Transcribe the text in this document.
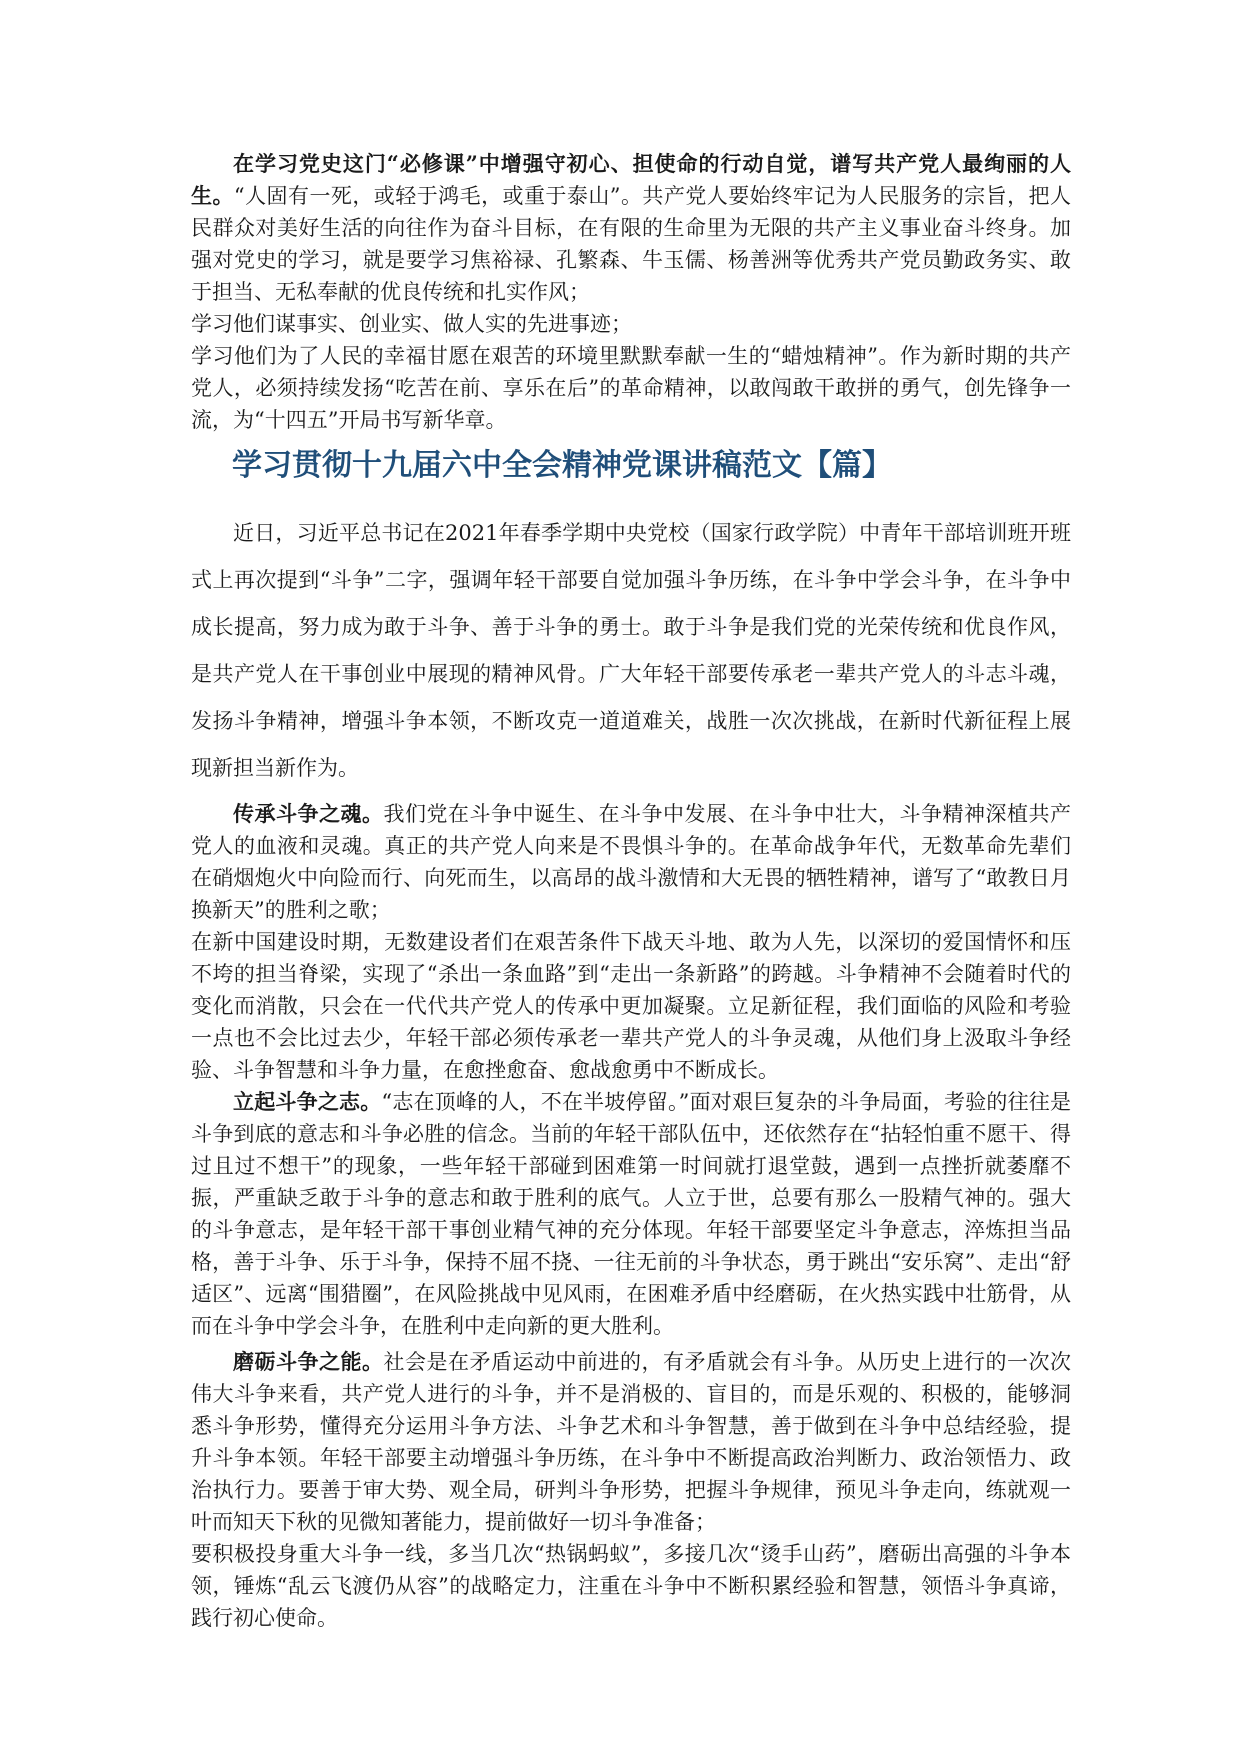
在学习党史这门“必修课”中增强守初心、担使命的行动自觉，谱写共产党人最绚丽的人生。“人固有一死，或轻于鸿毛，或重于泰山”。共产党人要始终牢记为人民服务的宗旨，把人民群众对美好生活的向往作为奋斗目标，在有限的生命里为无限的共产主义事业奋斗终身。加强对党史的学习，就是要学习焦裕禄、孔繁森、牛玉儒、杨善洲等优秀共产党员勤政务实、敢于担当、无私奉献的优良传统和扎实作风；

学习他们谋事实、创业实、做人实的先进事迹；

学习他们为了人民的幸福甘愿在艰苦的环境里默默奉献一生的“蜡烛精神”。作为新时期的共产党人，必须持续发扬“吃苦在前、享乐在后”的革命精神，以敢闯敢干敢拼的勇气，创先锋争一流，为“十四五”开局书写新华章。

学习贯彻十九届六中全会精神党课讲稿范文【篇】

近日，习近平总书记在2021年春季学期中央党校（国家行政学院）中青年干部培训班开班式上再次提到“斗争”二字，强调年轻干部要自觉加强斗争历练，在斗争中学会斗争，在斗争中成长提高，努力成为敢于斗争、善于斗争的勇士。敢于斗争是我们党的光荣传统和优良作风，是共产党人在干事创业中展现的精神风骨。广大年轻干部要传承老一辈共产党人的斗志斗魂，发扬斗争精神，增强斗争本领，不断攻克一道道难关，战胜一次次挑战，在新时代新征程上展现新担当新作为。

传承斗争之魂。我们党在斗争中诞生、在斗争中发展、在斗争中壮大，斗争精神深植共产党人的血液和灵魂。真正的共产党人向来是不畏惧斗争的。在革命战争年代，无数革命先辈们在硝烟炮火中向险而行、向死而生，以高昂的战斗激情和大无畏的牺牲精神，谱写了“敢教日月换新天”的胜利之歌；

在新中国建设时期，无数建设者们在艰苦条件下战天斗地、敢为人先，以深切的爱国情怀和压不垮的担当脊梁，实现了“杀出一条血路”到“走出一条新路”的跨越。斗争精神不会随着时代的变化而消散，只会在一代代共产党人的传承中更加凝聚。立足新征程，我们面临的风险和考验一点也不会比过去少，年轻干部必须传承老一辈共产党人的斗争灵魂，从他们身上汲取斗争经验、斗争智慧和斗争力量，在愈挫愈奋、愈战愈勇中不断成长。

立起斗争之志。“志在顶峰的人，不在半坡停留。”面对艰巨复杂的斗争局面，考验的往往是斗争到底的意志和斗争必胜的信念。当前的年轻干部队伍中，还依然存在“拈轻怕重不愿干、得过且过不想干”的现象，一些年轻干部碰到困难第一时间就打退堂鼓，遇到一点挫折就萎靡不振，严重缺乏敢于斗争的意志和敢于胜利的底气。人立于世，总要有那么一股精气神的。强大的斗争意志，是年轻干部干事创业精气神的充分体现。年轻干部要坚定斗争意志，淬炼担当品格，善于斗争、乐于斗争，保持不屈不挠、一往无前的斗争状态，勇于跳出“安乐窝”、走出“舒适区”、远离“围猎圈”，在风险挑战中见风雨，在困难矛盾中经磨砺，在火热实践中壮筋骨，从而在斗争中学会斗争，在胜利中走向新的更大胜利。

磨砺斗争之能。社会是在矛盾运动中前进的，有矛盾就会有斗争。从历史上进行的一次次伟大斗争来看，共产党人进行的斗争，并不是消极的、盲目的，而是乐观的、积极的，能够洞悉斗争形势，懂得充分运用斗争方法、斗争艺术和斗争智慧，善于做到在斗争中总结经验，提升斗争本领。年轻干部要主动增强斗争历练，在斗争中不断提高政治判断力、政治领悟力、政治执行力。要善于审大势、观全局，研判斗争形势，把握斗争规律，预见斗争走向，练就观一叶而知天下秋的见微知著能力，提前做好一切斗争准备；

要积极投身重大斗争一线，多当几次“热锅蚂蚁”，多接几次“烫手山药”，磨砺出高强的斗争本领，锤炼“乱云飞渡仍从容”的战略定力，注重在斗争中不断积累经验和智慧，领悟斗争真谛，践行初心使命。
